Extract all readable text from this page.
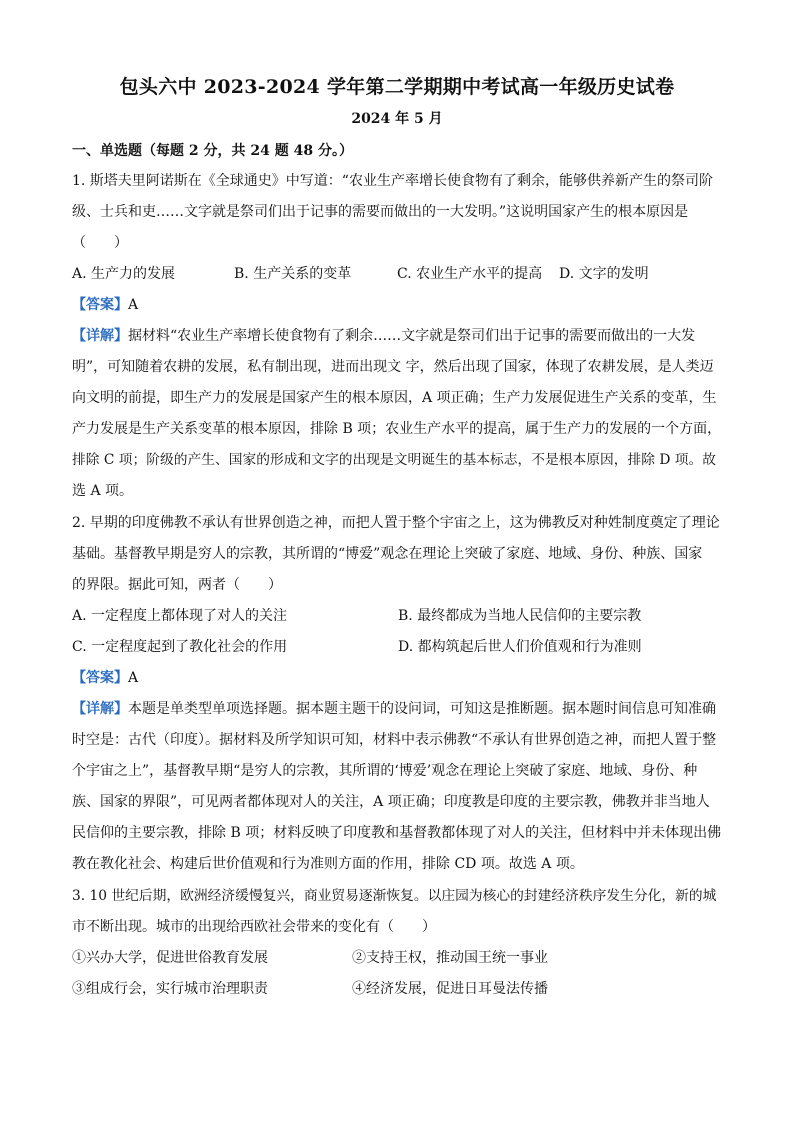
包头六中 2023-2024 学年第二学期期中考试高一年级历史试卷
2024 年 5 月
一、单选题（每题 2 分，共 24 题 48 分。）
1. 斯塔夫里阿诺斯在《全球通史》中写道：“农业生产率增长使食物有了剩余，能够供养新产生的祭司阶
级、士兵和吏……文字就是祭司们出于记事的需要而做出的一大发明。”这说明国家产生的根本原因是
（　　）
A. 生产力的发展	B. 生产关系的变革	C. 农业生产水平的提高 D. 文字的发明
【答案】A
【详解】据材料“农业生产率增长使食物有了剩余……文字就是祭司们出于记事的需要而做出的一大发
明”，可知随着农耕的发展，私有制出现，进而出现文 字，然后出现了国家，体现了农耕发展，是人类迈
向文明的前提，即生产力的发展是国家产生的根本原因，A 项正确；生产力发展促进生产关系的变革，生
产力发展是生产关系变革的根本原因，排除 B 项；农业生产水平的提高，属于生产力的发展的一个方面，
排除 C 项；阶级的产生、国家的形成和文字的出现是文明诞生的基本标志，不是根本原因，排除 D 项。故
选 A 项。
2. 早期的印度佛教不承认有世界创造之神，而把人置于整个宇宙之上，这为佛教反对种姓制度奠定了理论
基础。基督教早期是穷人的宗教，其所谓的“博爱”观念在理论上突破了家庭、地域、身份、种族、国家
的界限。据此可知，两者（　　）
A. 一定程度上都体现了对人的关注	B. 最终都成为当地人民信仰的主要宗教
C. 一定程度起到了教化社会的作用	D. 都构筑起后世人们价值观和行为准则
【答案】A
【详解】本题是单类型单项选择题。据本题主题干的设问词，可知这是推断题。据本题时间信息可知准确
时空是：古代（印度）。据材料及所学知识可知，材料中表示佛教“不承认有世界创造之神，而把人置于整
个宇宙之上”，基督教早期“是穷人的宗教，其所谓的‘博爱’观念在理论上突破了家庭、地域、身份、种
族、国家的界限”，可见两者都体现对人的关注，A 项正确；印度教是印度的主要宗教，佛教并非当地人
民信仰的主要宗教，排除 B 项；材料反映了印度教和基督教都体现了对人的关注，但材料中并未体现出佛
教在教化社会、构建后世价值观和行为准则方面的作用，排除 CD 项。故选 A 项。
3. 10 世纪后期，欧洲经济缓慢复兴，商业贸易逐渐恢复。以庄园为核心的封建经济秩序发生分化，新的城
市不断出现。城市的出现给西欧社会带来的变化有（　　）
①兴办大学，促进世俗教育发展	②支持王权，推动国王统一事业
③组成行会，实行城市治理职责	④经济发展，促进日耳曼法传播
